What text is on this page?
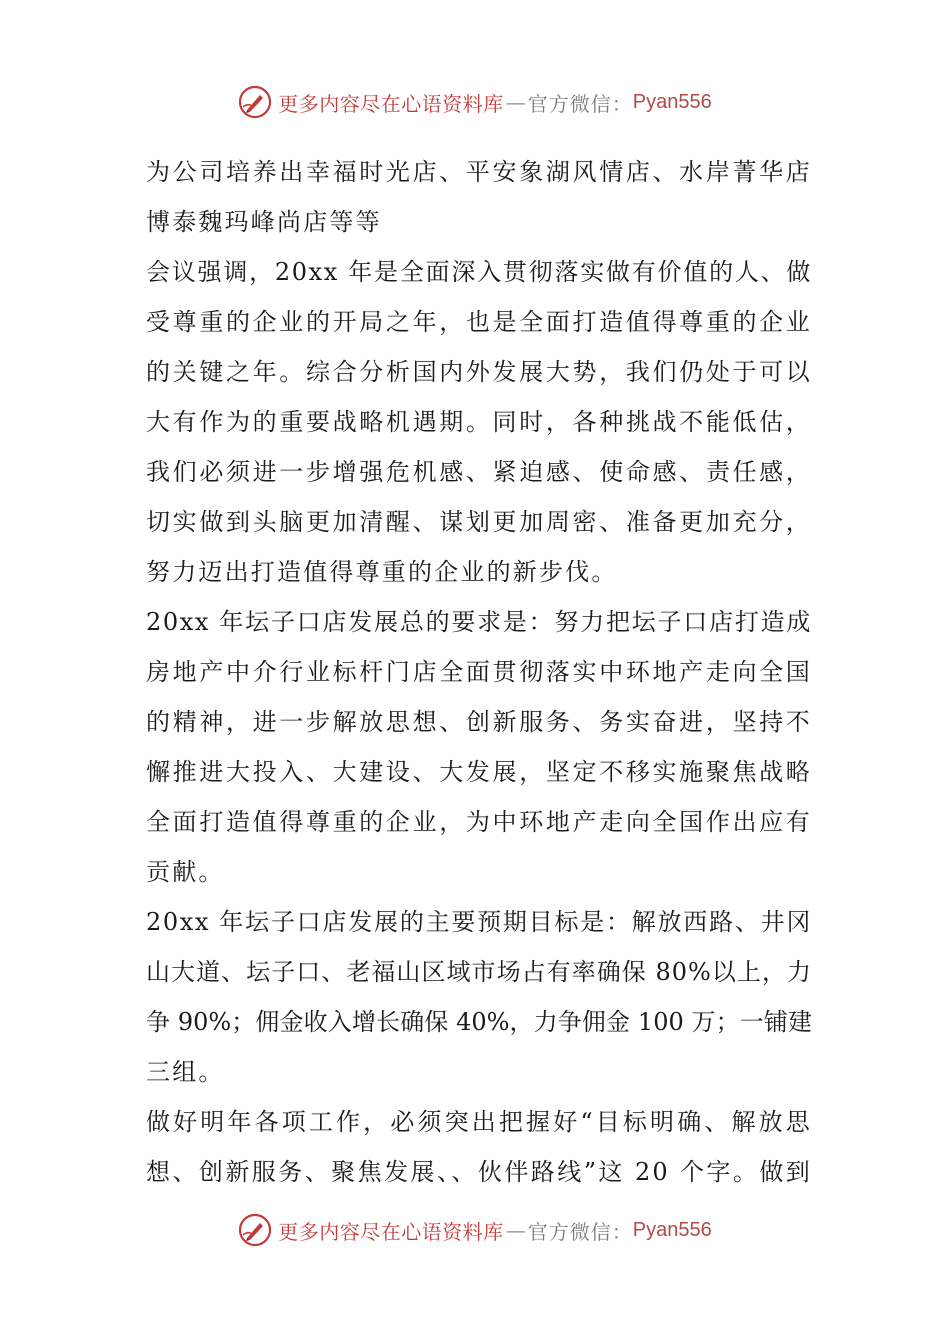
更多内容尽在心语资料库 — 官方微信： Pyan556
为公司培养出幸福时光店、平安象湖风情店、水岸菁华店
博泰魏玛峰尚店等等
会议强调，20xx 年是全面深入贯彻落实做有价值的人、做
受尊重的企业的开局之年，也是全面打造值得尊重的企业
的关键之年。综合分析国内外发展大势，我们仍处于可以
大有作为的重要战略机遇期。同时，各种挑战不能低估，
我们必须进一步增强危机感、紧迫感、使命感、责任感，
切实做到头脑更加清醒、谋划更加周密、准备更加充分，
努力迈出打造值得尊重的企业的新步伐。
20xx 年坛子口店发展总的要求是：努力把坛子口店打造成
房地产中介行业标杆门店全面贯彻落实中环地产走向全国
的精神，进一步解放思想、创新服务、务实奋进，坚持不
懈推进大投入、大建设、大发展，坚定不移实施聚焦战略
全面打造值得尊重的企业，为中环地产走向全国作出应有
贡献。
20xx 年坛子口店发展的主要预期目标是：解放西路、井冈
山大道、坛子口、老福山区域市场占有率确保 80%以上，力
争 90%；佣金收入增长确保 40%，力争佣金 100 万；一铺建
三组。
做好明年各项工作，必须突出把握好“目标明确、解放思
想、创新服务、聚焦发展、、伙伴路线”这 20 个字。做到
更多内容尽在心语资料库 — 官方微信： Pyan556
